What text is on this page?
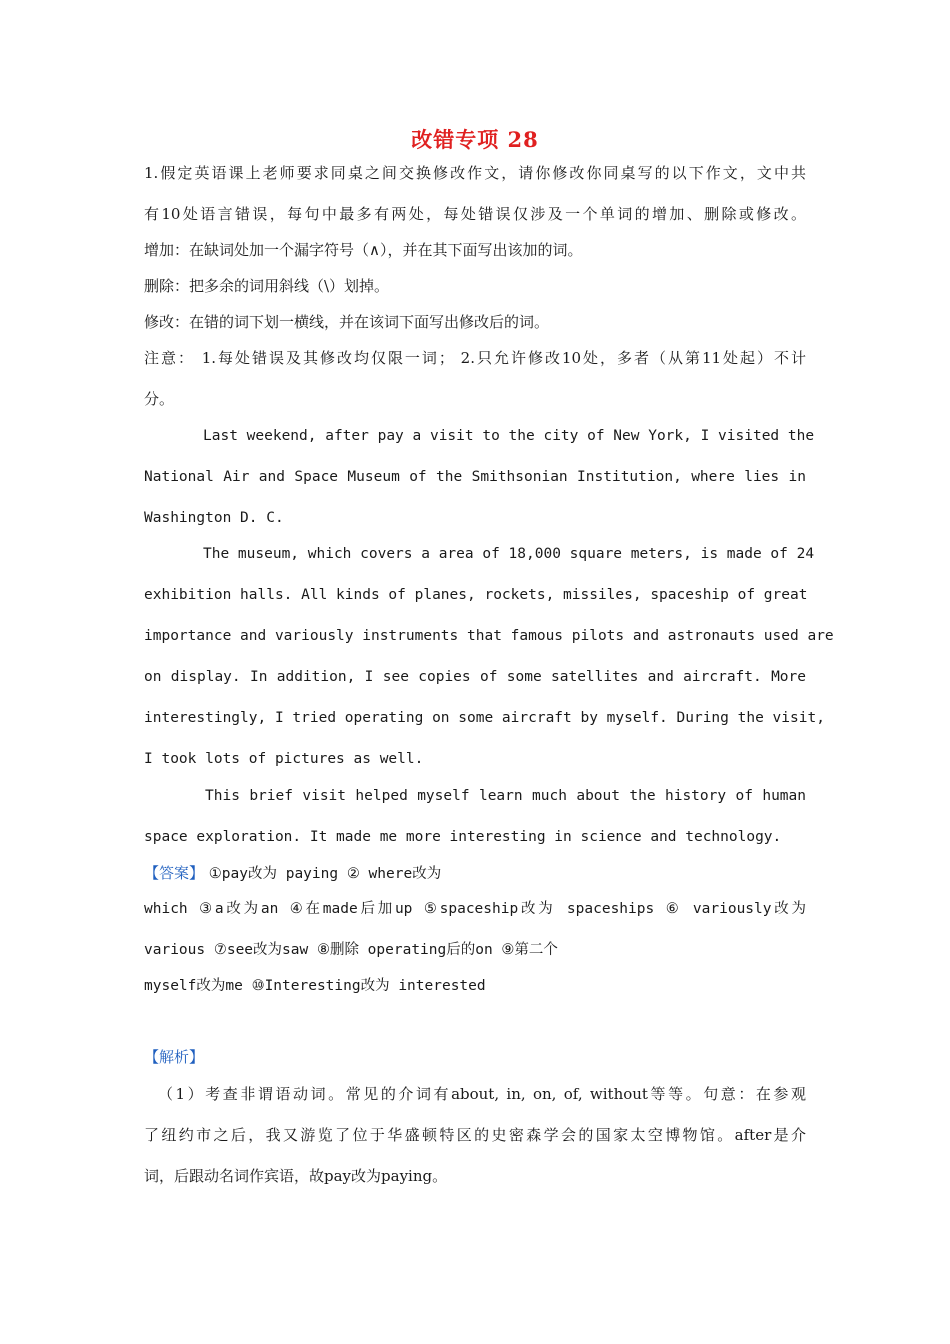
改错专项 28
1.假定英语课上老师要求同桌之间交换修改作文，请你修改你同桌写的以下作文，文中共
有10处语言错误，每句中最多有两处，每处错误仅涉及一个单词的增加、删除或修改。
增加：在缺词处加一个漏字符号（∧），并在其下面写出该加的词。
删除：把多余的词用斜线（\）划掉。
修改：在错的词下划一横线，并在该词下面写出修改后的词。
注意： 1.每处错误及其修改均仅限一词； 2.只允许修改10处，多者（从第11处起）不计
分。
Last weekend, after pay a visit to the city of New York, I visited the
National Air and Space Museum of the Smithsonian Institution, where lies in
Washington D. C.
The museum, which covers a area of 18,000 square meters, is made of 24
exhibition halls. All kinds of planes, rockets, missiles, spaceship of great
importance and variously instruments that famous pilots and astronauts used are
on display. In addition, I see copies of some satellites and aircraft. More
interestingly, I tried operating on some aircraft by myself. During the visit,
I took lots of pictures as well.
This brief visit helped myself learn much about the history of human
space exploration. It made me more interesting in science and technology.
【答案】 ①pay改为 paying ② where改为
which ③a改为an ④在made后加up ⑤spaceship改为 spaceships ⑥ variously改为
various ⑦see改为saw ⑧删除 operating后的on ⑨第二个
myself改为me ⑩Interesting改为 interested
【解析】
（1）考查非谓语动词。常见的介词有about, in, on, of, without等等。句意：在参观
了纽约市之后，我又游览了位于华盛顿特区的史密森学会的国家太空博物馆。after是介
词，后跟动名词作宾语，故pay改为paying。
